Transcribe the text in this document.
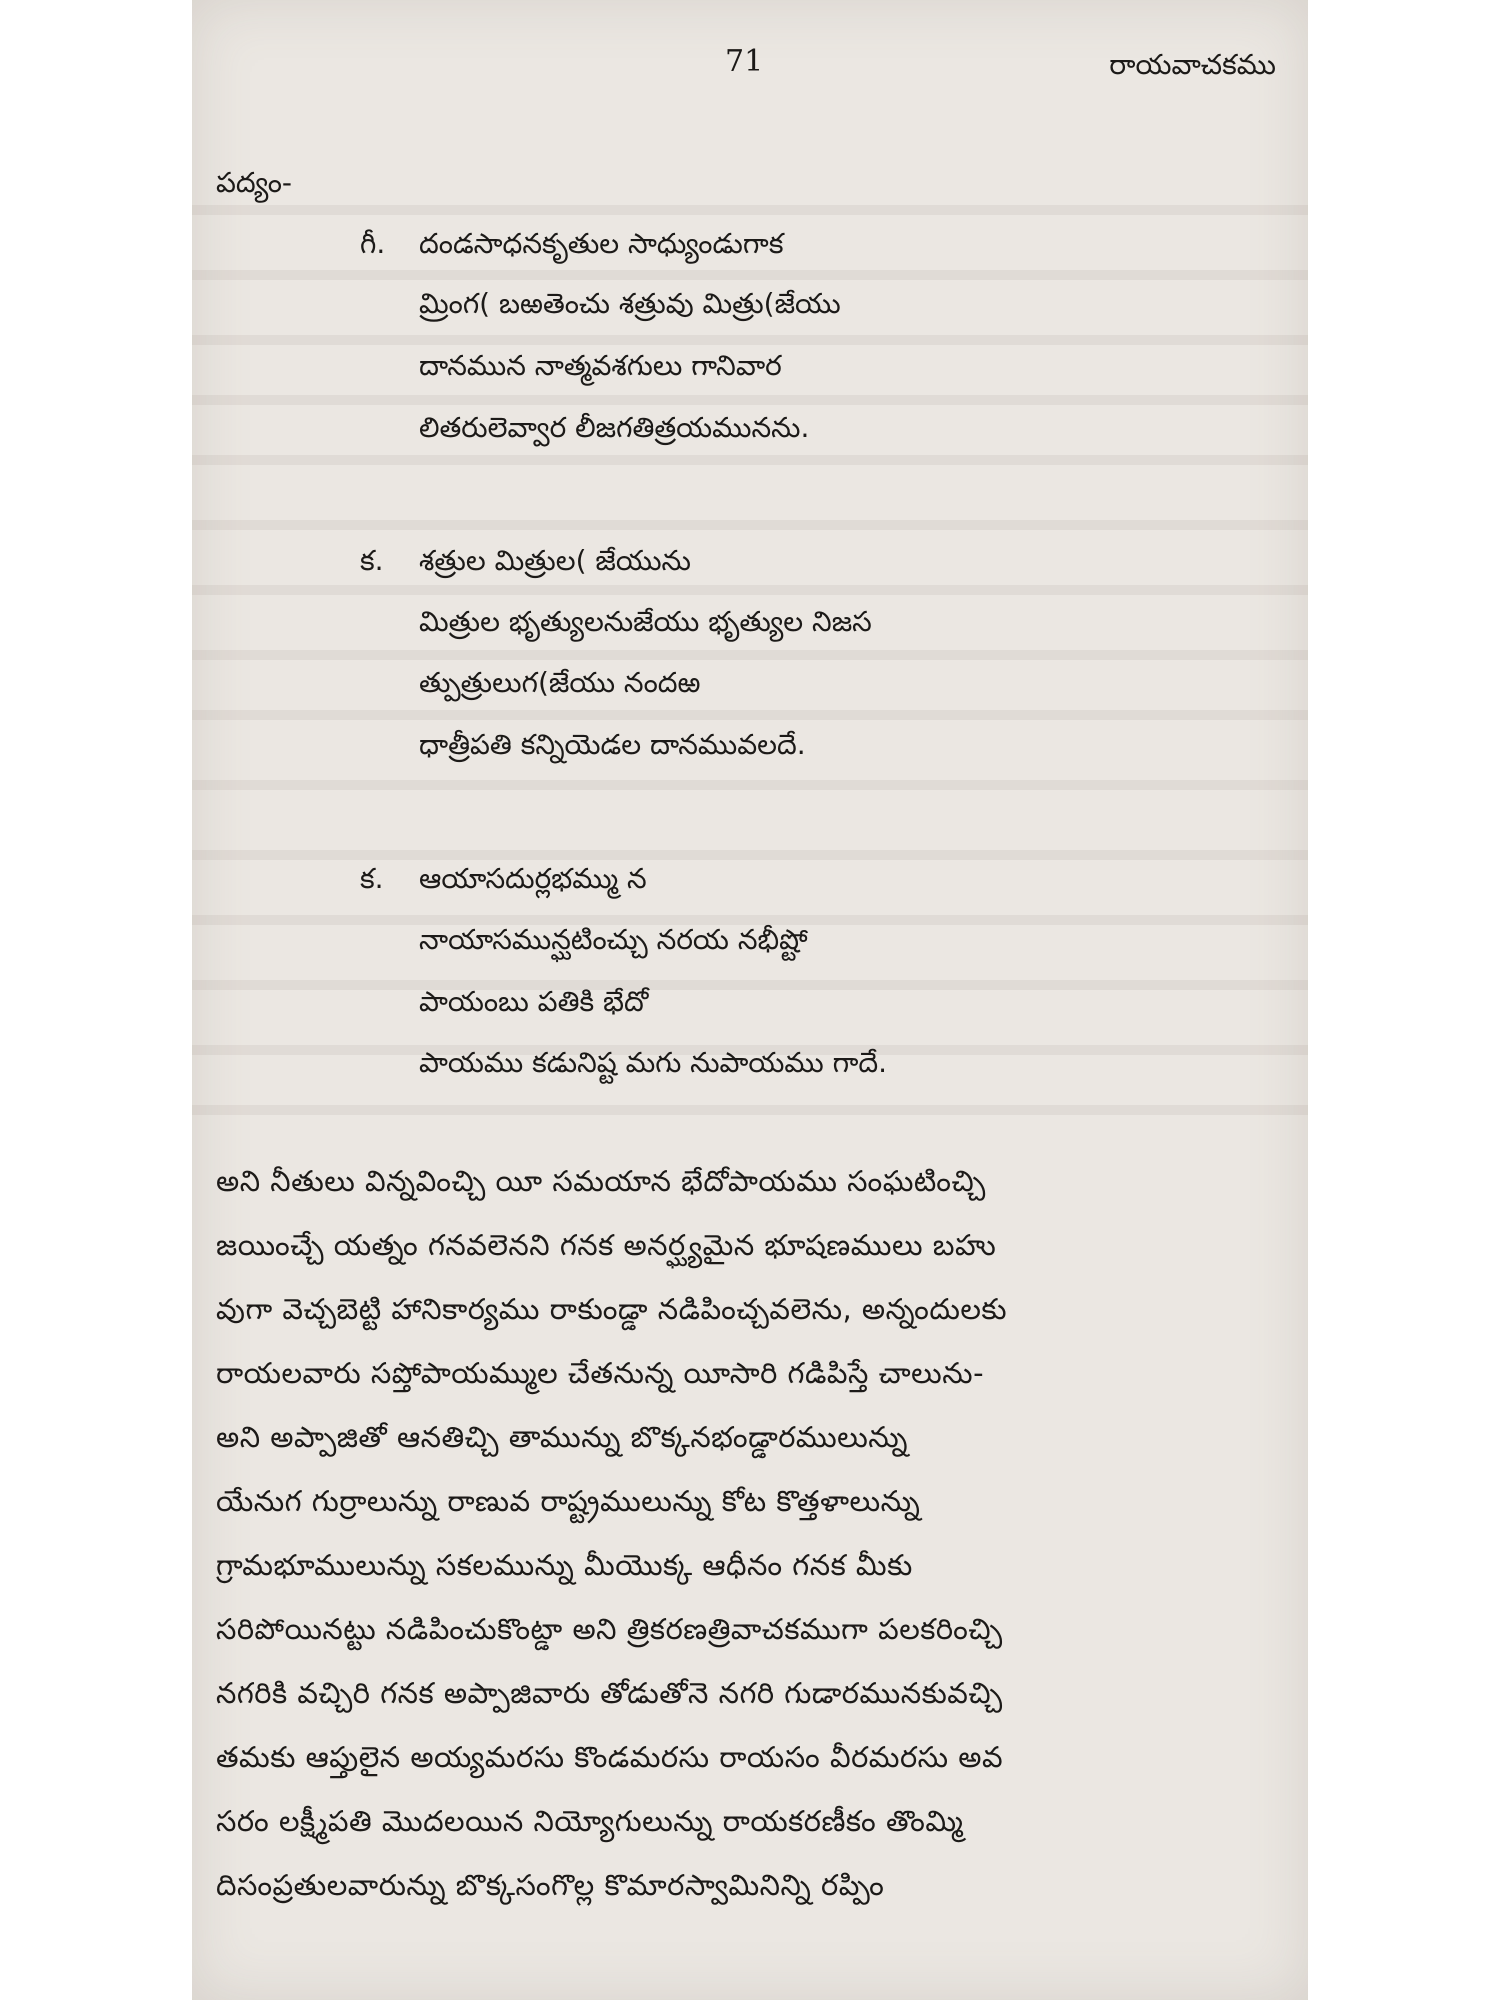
71	రాయవాచకము
పద్యం-
గీ. దండసాధనకృతుల సాధ్యుండుగాక
మ్రింగ( బఱతెంచు శత్రువు మిత్రు(జేయు
దానమున నాత్మవశగులు గానివార
లితరులెవ్వార లీజగతిత్రయమునను.
క. శత్రుల మిత్రుల( జేయును
మిత్రుల భృత్యులనుజేయు భృత్యుల నిజస
త్పుత్రులుగ(జేయు నందఱ
ధాత్రీపతి కన్నియెడల దానమువలదే.
క. ఆయాసదుర్లభమ్ము న
నాయాసమున్ఘటించ్చు నరయ నభీష్టో
పాయంబు పతికి భేదో
పాయము కడునిష్ట మగు నుపాయము గాదే.
అని నీతులు విన్నవించ్చి యీ సమయాన భేదోపాయము సంఘటించ్చి
జయించ్చే యత్నం గనవలెనని గనక అనర్ఘ్యమైన భూషణములు బహు
వుగా వెచ్చబెట్టి హానికార్యము రాకుండ్డా నడిపించ్చవలెను, అన్నందులకు
రాయలవారు సప్తోపాయమ్ముల చేతనున్న యీసారి గడిపిస్తే చాలును-
అని అప్పాజితో ఆనతిచ్చి తామున్ను బొక్కనభండ్డారములున్ను
యేనుగ గుర్రాలున్ను రాణువ రాష్ట్రములున్ను కోట కొత్తళాలున్ను
గ్రామభూములున్ను సకలమున్ను మీయొక్క ఆధీనం గనక మీకు
సరిపోయినట్టు నడిపించుకొంట్డా అని త్రికరణత్రివాచకముగా పలకరించ్చి
నగరికి వచ్చిరి గనక అప్పాజివారు తోడుతోనె నగరి గుడారమునకువచ్చి
తమకు ఆప్తులైన అయ్యమరసు కొండమరసు రాయసం వీరమరసు అవ
సరం లక్ష్మీపతి మొదలయిన నియ్యోగులున్ను రాయకరణీకం తొంమ్మి
దిసంప్రతులవారున్ను బొక్కసంగొల్ల కొమారస్వామినిన్ని రప్పిం
